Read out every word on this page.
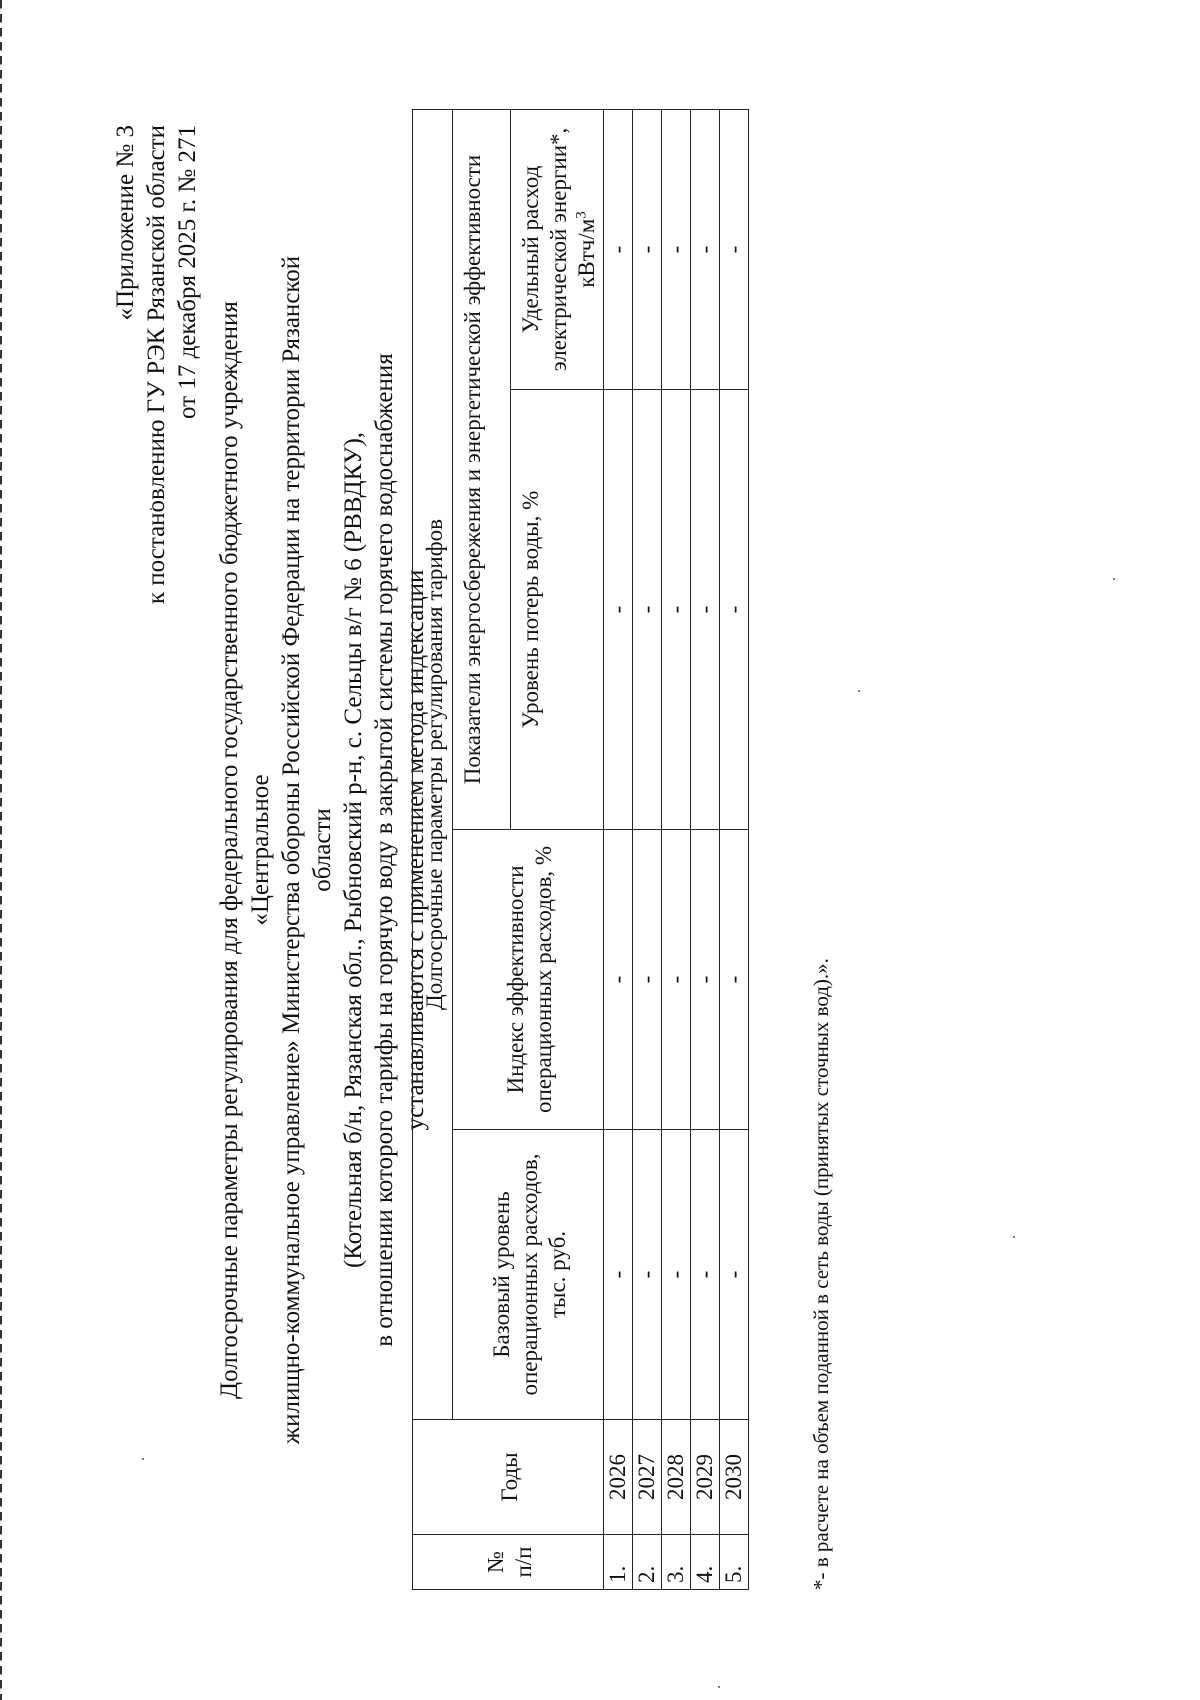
«Приложение № 3 к постановлению ГУ РЭК Рязанской области от 17 декабря 2025 г. № 271
Долгосрочные параметры регулирования для федерального государственного бюджетного учреждения «Центральное жилищно-коммунальное управление» Министерства обороны Российской Федерации на территории Рязанской области (Котельная б/н, Рязанская обл., Рыбновский р-н, с. Сельцы в/г № 6 (РВВДКУ), в отношении которого тарифы на горячую воду в закрытой системы горячего водоснабжения устанавливаются с применением метода индексации
№ п/п	Годы	Долгосрочные параметры регулирования тарифов			
		Базовый уровень операционных расходов, тыс. руб.	Индекс эффективности операционных расходов, %	Показатели энергосбережения и энергетической эффективности	
				Уровень потерь воды, %	Удельный расход электрической энергии*, кВтч/$м^3$
1.	2026	-	-	-	-
2.	2027	-	-	-	-
3.	2028	-	-	-	-
4.	2029	-	-	-	-
5.	2030	-	-	-	-
*- в расчете на объем поданной в сеть воды (принятых сточных вод).».
